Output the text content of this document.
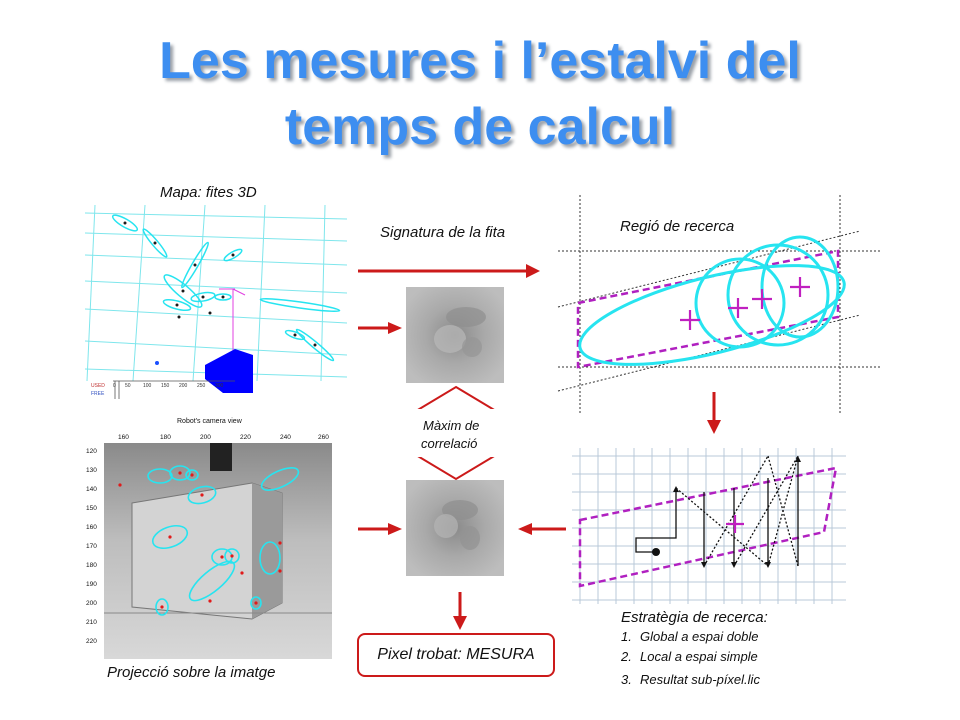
Les mesures i l’estalvi del
temps de calcul
Mapa: fites 3D
Signatura de la fita	Regió de recerca
Projecció sobre la imatge
0 50 100 150 200 250 300
USED
FREE
Robot's camera view
160	180	200	220	240	260
120
130
140
150
160
170
180
190
200
210
220
Màxim de
correlació
Pixel trobat: MESURA
Estratègia de recerca:
1. Global a espai doble
2. Local a espai simple
3. Resultat sub-píxel.lic
